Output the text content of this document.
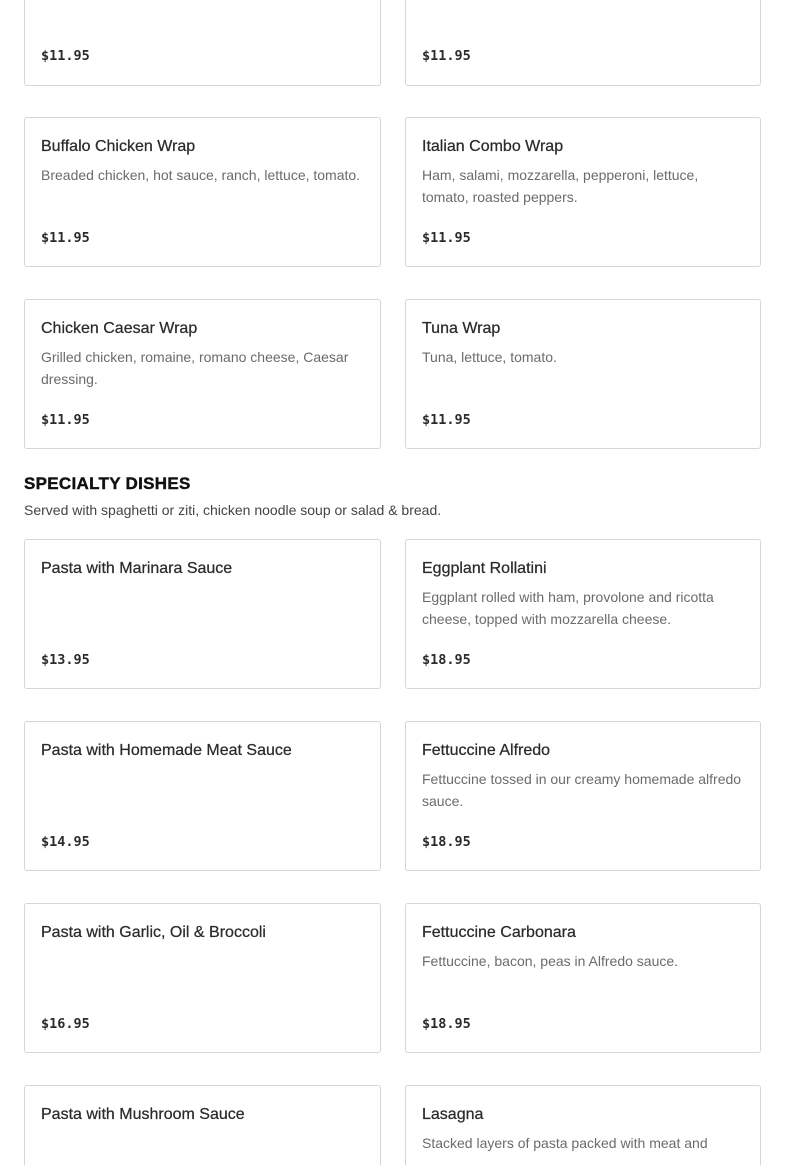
$11.95	$11.95
Buffalo Chicken Wrap
Breaded chicken, hot sauce, ranch, lettuce, tomato.
$11.95
Italian Combo Wrap
Ham, salami, mozzarella, pepperoni, lettuce, tomato, roasted peppers.
$11.95
Chicken Caesar Wrap
Grilled chicken, romaine, romano cheese, Caesar dressing.
$11.95
Tuna Wrap
Tuna, lettuce, tomato.
$11.95
SPECIALTY DISHES
Served with spaghetti or ziti, chicken noodle soup or salad & bread.
Pasta with Marinara Sauce
$13.95
Eggplant Rollatini
Eggplant rolled with ham, provolone and ricotta cheese, topped with mozzarella cheese.
$18.95
Pasta with Homemade Meat Sauce
$14.95
Fettuccine Alfredo
Fettuccine tossed in our creamy homemade alfredo sauce.
$18.95
Pasta with Garlic, Oil & Broccoli
$16.95
Fettuccine Carbonara
Fettuccine, bacon, peas in Alfredo sauce.
$18.95
Pasta with Mushroom Sauce	Lasagna
Stacked layers of pasta packed with meat and
